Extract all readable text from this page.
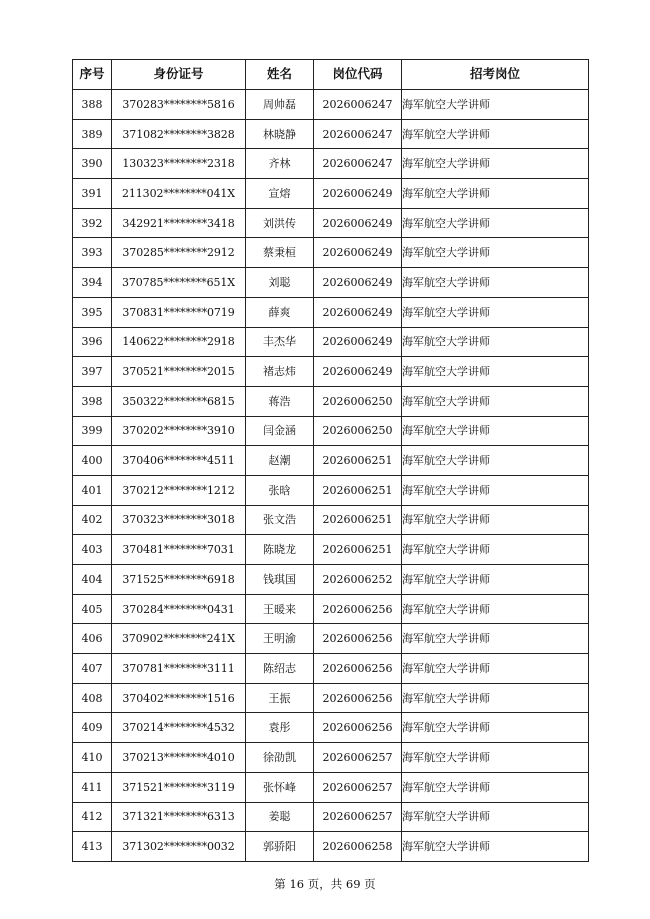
序号	身份证号	姓名	岗位代码	招考岗位
388	370283********5816	周帅磊	2026006247	海军航空大学讲师
389	371082********3828	林晓静	2026006247	海军航空大学讲师
390	130323********2318	齐林	2026006247	海军航空大学讲师
391	211302********041X	宣熔	2026006249	海军航空大学讲师
392	342921********3418	刘洪传	2026006249	海军航空大学讲师
393	370285********2912	蔡秉桓	2026006249	海军航空大学讲师
394	370785********651X	刘聪	2026006249	海军航空大学讲师
395	370831********0719	薛爽	2026006249	海军航空大学讲师
396	140622********2918	丰杰华	2026006249	海军航空大学讲师
397	370521********2015	褚志炜	2026006249	海军航空大学讲师
398	350322********6815	蒋浩	2026006250	海军航空大学讲师
399	370202********3910	闫金涵	2026006250	海军航空大学讲师
400	370406********4511	赵潮	2026006251	海军航空大学讲师
401	370212********1212	张晗	2026006251	海军航空大学讲师
402	370323********3018	张文浩	2026006251	海军航空大学讲师
403	370481********7031	陈晓龙	2026006251	海军航空大学讲师
404	371525********6918	钱琪国	2026006252	海军航空大学讲师
405	370284********0431	王暖来	2026006256	海军航空大学讲师
406	370902********241X	王明渝	2026006256	海军航空大学讲师
407	370781********3111	陈绍志	2026006256	海军航空大学讲师
408	370402********1516	王振	2026006256	海军航空大学讲师
409	370214********4532	袁彤	2026006256	海军航空大学讲师
410	370213********4010	徐劭凯	2026006257	海军航空大学讲师
411	371521********3119	张怀峰	2026006257	海军航空大学讲师
412	371321********6313	姜聪	2026006257	海军航空大学讲师
413	371302********0032	郭骄阳	2026006258	海军航空大学讲师
第 16 页，共 69 页
